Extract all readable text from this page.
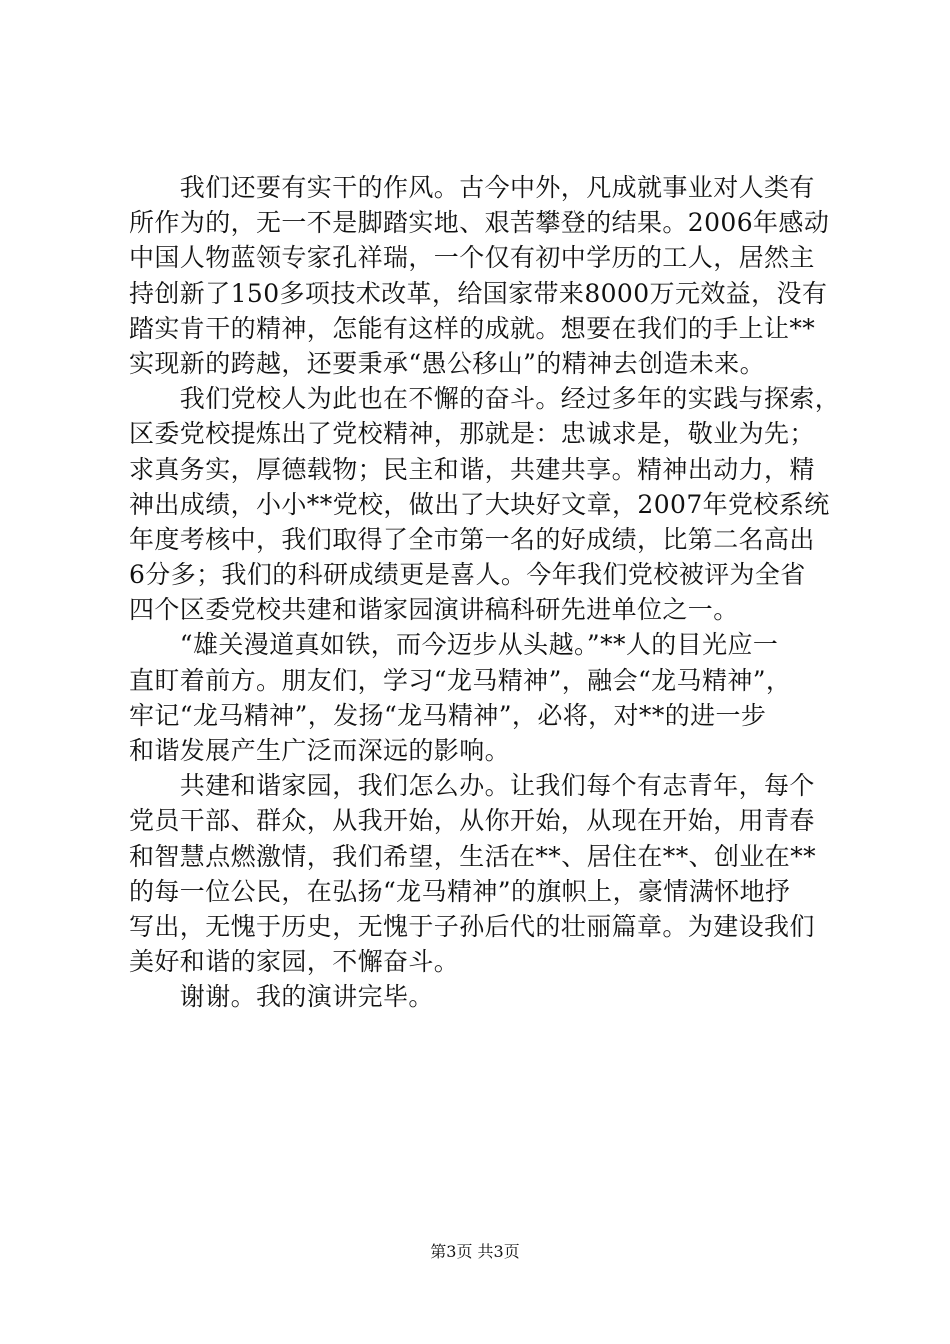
　　我们还要有实干的作风。古今中外，凡成就事业对人类有
所作为的，无一不是脚踏实地、艰苦攀登的结果。2006年感动
中国人物蓝领专家孔祥瑞，一个仅有初中学历的工人，居然主
持创新了150多项技术改革，给国家带来8000万元效益，没有
踏实肯干的精神，怎能有这样的成就。想要在我们的手上让**
实现新的跨越，还要秉承“愚公移山”的精神去创造未来。
　　我们党校人为此也在不懈的奋斗。经过多年的实践与探索，
区委党校提炼出了党校精神，那就是：忠诚求是，敬业为先；
求真务实，厚德载物；民主和谐，共建共享。精神出动力，精
神出成绩，小小**党校，做出了大块好文章，2007年党校系统
年度考核中，我们取得了全市第一名的好成绩，比第二名高出
6分多；我们的科研成绩更是喜人。今年我们党校被评为全省
四个区委党校共建和谐家园演讲稿科研先进单位之一。
　　“雄关漫道真如铁，而今迈步从头越。”**人的目光应一
直盯着前方。朋友们，学习“龙马精神”，融会“龙马精神”，
牢记“龙马精神”，发扬“龙马精神”，必将，对**的进一步
和谐发展产生广泛而深远的影响。
　　共建和谐家园，我们怎么办。让我们每个有志青年，每个
党员干部、群众，从我开始，从你开始，从现在开始，用青春
和智慧点燃激情，我们希望，生活在**、居住在**、创业在**
的每一位公民，在弘扬“龙马精神”的旗帜上，豪情满怀地抒
写出，无愧于历史，无愧于子孙后代的壮丽篇章。为建设我们
美好和谐的家园，不懈奋斗。
　　谢谢。我的演讲完毕。
第3页 共3页
